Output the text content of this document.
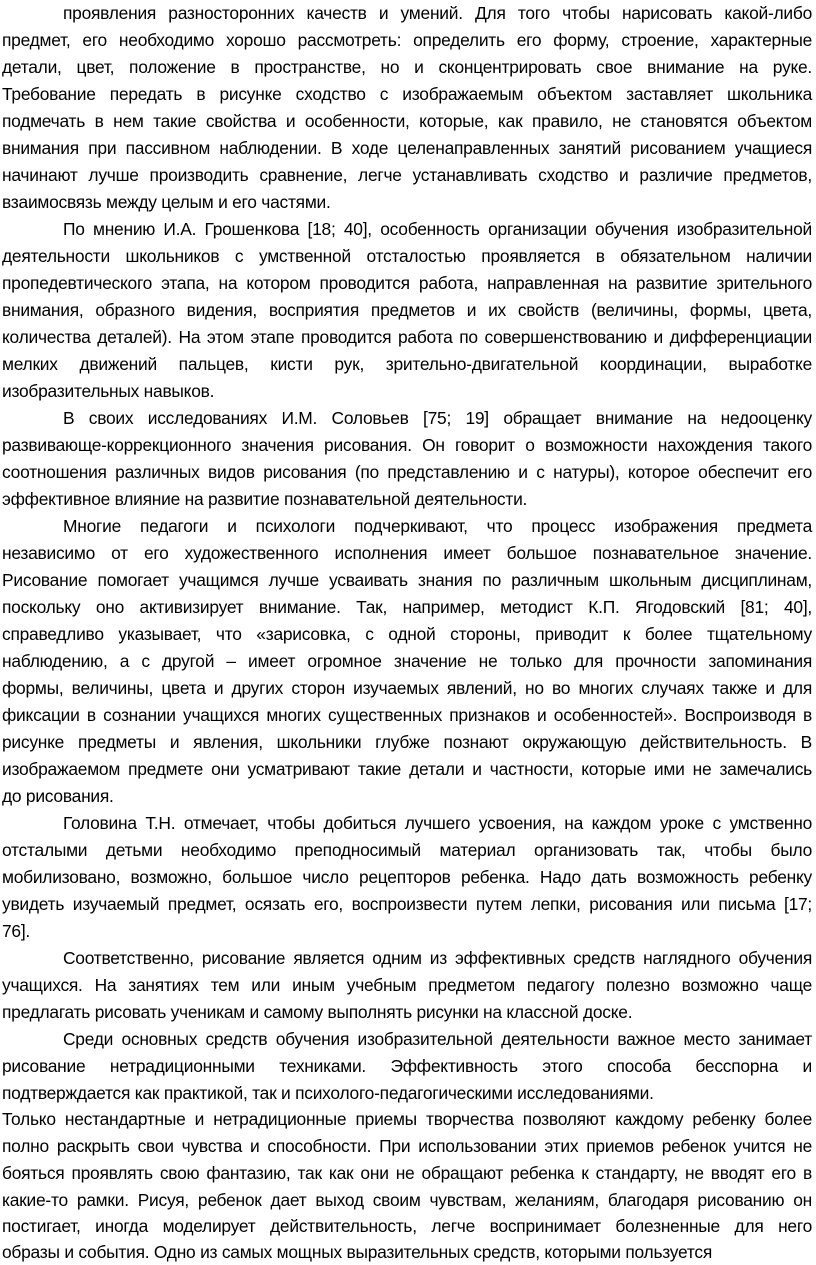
проявления разносторонних качеств и умений. Для того чтобы нарисовать какой-либо
предмет, его необходимо хорошо рассмотреть: определить его форму, строение, характерные
детали, цвет, положение в пространстве, но и сконцентрировать свое внимание на руке.
Требование передать в рисунке сходство с изображаемым объектом заставляет школьника
подмечать в нем такие свойства и особенности, которые, как правило, не становятся объектом
внимания при пассивном наблюдении. В ходе целенаправленных занятий рисованием учащиеся
начинают лучше производить сравнение, легче устанавливать сходство и различие предметов,
взаимосвязь между целым и его частями.
По мнению И.А. Грошенкова [18; 40], особенность организации обучения изобразительной
деятельности школьников с умственной отсталостью проявляется в обязательном наличии
пропедевтического этапа, на котором проводится работа, направленная на развитие зрительного
внимания, образного видения, восприятия предметов и их свойств (величины, формы, цвета,
количества деталей). На этом этапе проводится работа по совершенствованию и дифференциации
мелких движений пальцев, кисти рук, зрительно-двигательной координации, выработке
изобразительных навыков.
В своих исследованиях И.М. Соловьев [75; 19] обращает внимание на недооценку
развивающе-коррекционного значения рисования. Он говорит о возможности нахождения такого
соотношения различных видов рисования (по представлению и с натуры), которое обеспечит его
эффективное влияние на развитие познавательной деятельности.
Многие педагоги и психологи подчеркивают, что процесс изображения предмета
независимо от его художественного исполнения имеет большое познавательное значение.
Рисование помогает учащимся лучше усваивать знания по различным школьным дисциплинам,
поскольку оно активизирует внимание. Так, например, методист К.П. Ягодовский [81; 40],
справедливо указывает, что «зарисовка, с одной стороны, приводит к более тщательному
наблюдению, а с другой – имеет огромное значение не только для прочности запоминания
формы, величины, цвета и других сторон изучаемых явлений, но во многих случаях также и для
фиксации в сознании учащихся многих существенных признаков и особенностей». Воспроизводя в
рисунке предметы и явления, школьники глубже познают окружающую действительность. В
изображаемом предмете они усматривают такие детали и частности, которые ими не замечались
до рисования.
Головина Т.Н. отмечает, чтобы добиться лучшего усвоения, на каждом уроке с умственно
отсталыми детьми необходимо преподносимый материал организовать так, чтобы было
мобилизовано, возможно, большое число рецепторов ребенка. Надо дать возможность ребенку
увидеть изучаемый предмет, осязать его, воспроизвести путем лепки, рисования или письма [17;
76].
Соответственно, рисование является одним из эффективных средств наглядного обучения
учащихся. На занятиях тем или иным учебным предметом педагогу полезно возможно чаще
предлагать рисовать ученикам и самому выполнять рисунки на классной доске.
Среди основных средств обучения изобразительной деятельности важное место занимает
рисование нетрадиционными техниками. Эффективность этого способа бесспорна и
подтверждается как практикой, так и психолого-педагогическими исследованиями.
Только нестандартные и нетрадиционные приемы творчества позволяют каждому ребенку более
полно раскрыть свои чувства и способности. При использовании этих приемов ребенок учится не
бояться проявлять свою фантазию, так как они не обращают ребенка к стандарту, не вводят его в
какие-то рамки. Рисуя, ребенок дает выход своим чувствам, желаниям, благодаря рисованию он
постигает, иногда моделирует действительность, легче воспринимает болезненные для него
образы и события. Одно из самых мощных выразительных средств, которыми пользуется
